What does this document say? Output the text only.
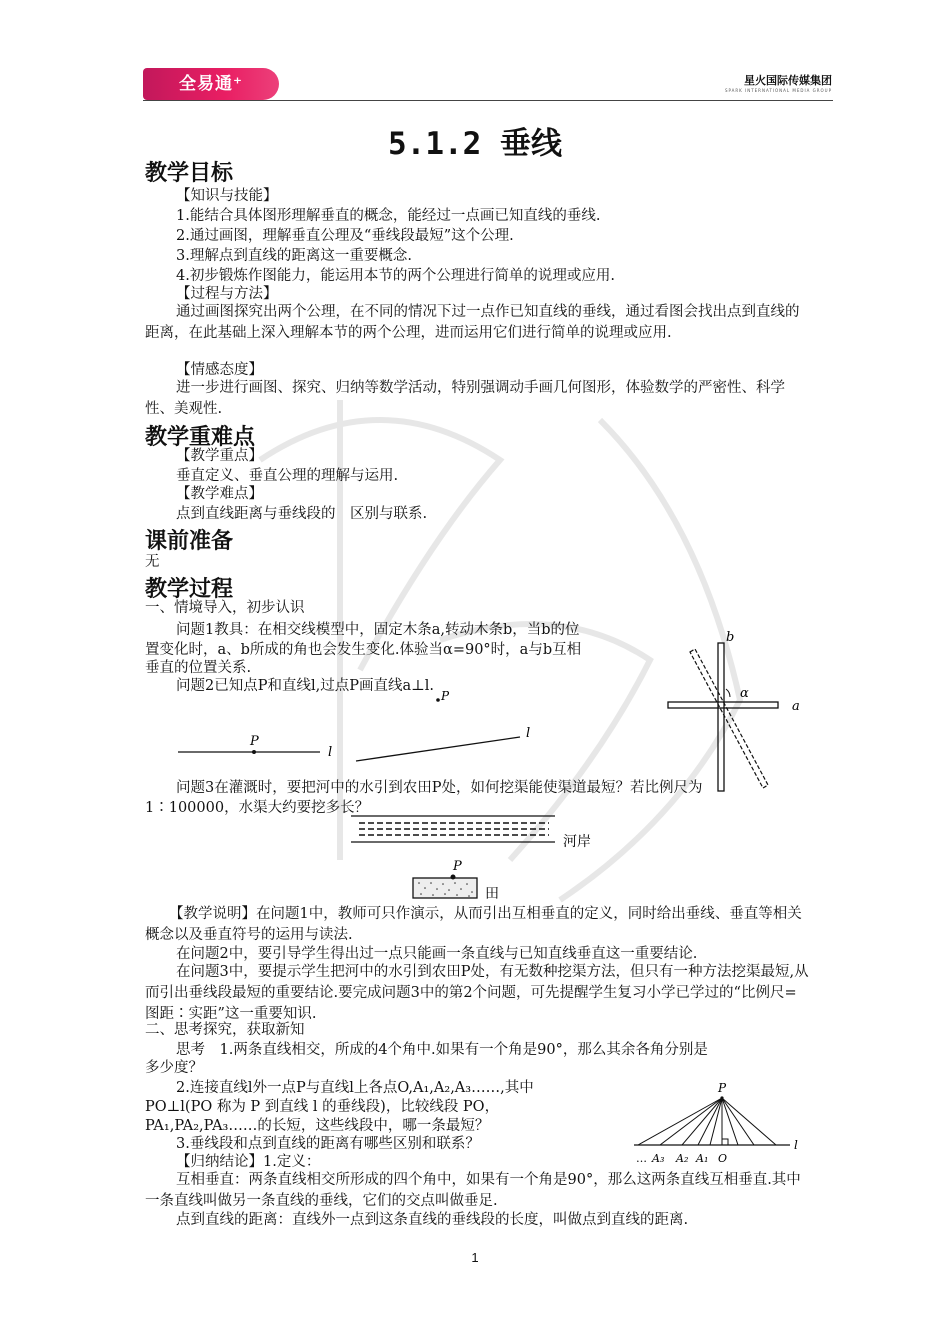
全易通⁺	星火国际传媒集团
SPARK INTERNATIONAL MEDIA GROUP
5.1.2 垂线
教学目标
【知识与技能】
1.能结合具体图形理解垂直的概念，能经过一点画已知直线的垂线.
2.通过画图，理解垂直公理及“垂线段最短”这个公理.
3.理解点到直线的距离这一重要概念.
4.初步锻炼作图能力，能运用本节的两个公理进行简单的说理或应用.
【过程与方法】
通过画图探究出两个公理，在不同的情况下过一点作已知直线的垂线，通过看图会找出点到直线的距离，在此基础上深入理解本节的两个公理，进而运用它们进行简单的说理或应用.
【情感态度】
进一步进行画图、探究、归纳等数学活动，特别强调动手画几何图形，体验数学的严密性、科学性、美观性.
教学重难点
【教学重点】
垂直定义、垂直公理的理解与运用.
【教学难点】
点到直线距离与垂线段的　区别与联系.
课前准备
无
教学过程
一、情境导入，初步认识
问题1教具：在相交线模型中，固定木条a,转动木条b，当b的位
置变化时，a、b所成的角也会发生变化.体验当α=90°时，a与b互相
垂直的位置关系.
问题2已知点P和直线l,过点P画直线a⊥l.
b
α
a
P
P
l
l
问题3在灌溉时，要把河中的水引到农田P处，如何挖渠能使渠道最短？若比例尺为
1∶100000，水渠大约要挖多长？
河岸
P
田
【教学说明】在问题1中，教师可只作演示，从而引出互相垂直的定义，同时给出垂线、垂直等相关概念以及垂直符号的运用与读法.
在问题2中，要引导学生得出过一点只能画一条直线与已知直线垂直这一重要结论.
在问题3中，要提示学生把河中的水引到农田P处，有无数种挖渠方法，但只有一种方法挖渠最短,从而引出垂线段最短的重要结论.要完成问题3中的第2个问题，可先提醒学生复习小学已学过的“比例尺=图距∶实距”这一重要知识.
二、思考探究，获取新知
思考　1.两条直线相交，所成的4个角中.如果有一个角是90°，那么其余各角分别是
多少度？
2.连接直线l外一点P与直线l上各点O,A₁,A₂,A₃……,其中
PO⊥l(PO 称为 P 到直线 l 的垂线段)，比较线段 PO，
PA₁,PA₂,PA₃……的长短，这些线段中，哪一条最短？
3.垂线段和点到直线的距离有哪些区别和联系？	l
P
… A₃ A₂ A₁ O
【归纳结论】1.定义：
互相垂直：两条直线相交所形成的四个角中，如果有一个角是90°，那么这两条直线互相垂直.其中一条直线叫做另一条直线的垂线，它们的交点叫做垂足.
点到直线的距离：直线外一点到这条直线的垂线段的长度，叫做点到直线的距离.
1
